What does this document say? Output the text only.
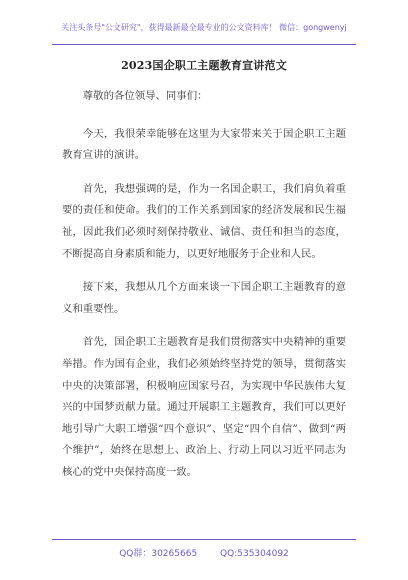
关注头条号"公文研究"，获得最新最全最专业的公文资料库！ 微信：gongwenyj
2023国企职工主题教育宣讲范文

尊敬的各位领导、同事们：

今天，我很荣幸能够在这里为大家带来关于国企职工主题教育宣讲的演讲。

首先，我想强调的是，作为一名国企职工，我们肩负着重要的责任和使命。我们的工作关系到国家的经济发展和民生福祉，因此我们必须时刻保持敬业、诚信、责任和担当的态度，不断提高自身素质和能力，以更好地服务于企业和人民。

接下来，我想从几个方面来谈一下国企职工主题教育的意义和重要性。

首先，国企职工主题教育是我们贯彻落实中央精神的重要举措。作为国有企业，我们必须始终坚持党的领导，贯彻落实中央的决策部署，积极响应国家号召，为实现中华民族伟大复兴的中国梦贡献力量。通过开展职工主题教育，我们可以更好地引导广大职工增强“四个意识”、坚定“四个自信”、做到“两个维护”，始终在思想上、政治上、行动上同以习近平同志为核心的党中央保持高度一致。

QQ群：30265665	QQ:535304092
